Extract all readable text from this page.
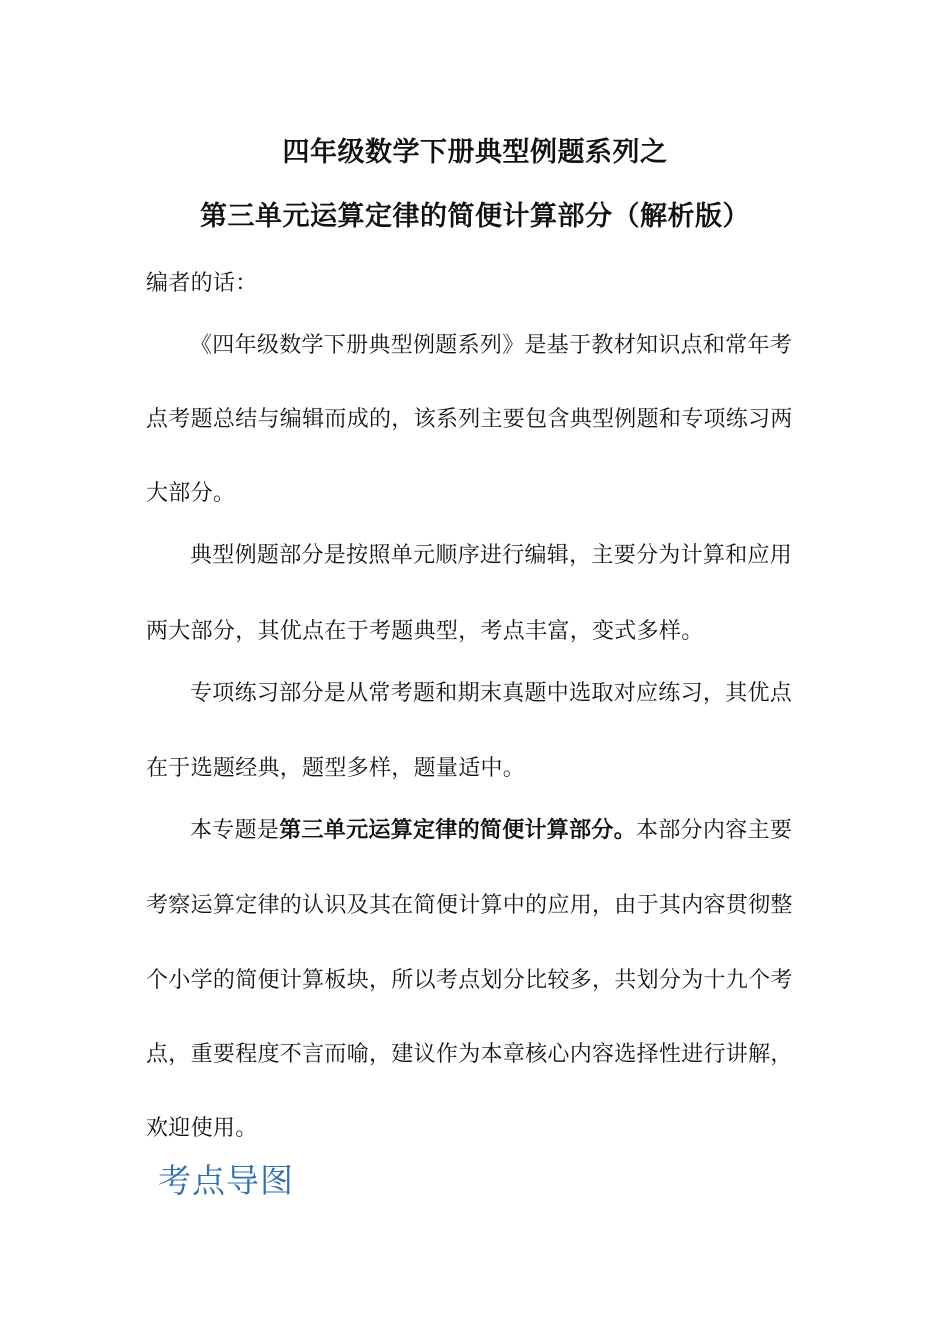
四年级数学下册典型例题系列之
第三单元运算定律的简便计算部分（解析版）
编者的话：
《四年级数学下册典型例题系列》是基于教材知识点和常年考
点考题总结与编辑而成的，该系列主要包含典型例题和专项练习两
大部分。
典型例题部分是按照单元顺序进行编辑，主要分为计算和应用
两大部分，其优点在于考题典型，考点丰富，变式多样。
专项练习部分是从常考题和期末真题中选取对应练习，其优点
在于选题经典，题型多样，题量适中。
本专题是第三单元运算定律的简便计算部分。本部分内容主要
考察运算定律的认识及其在简便计算中的应用，由于其内容贯彻整
个小学的简便计算板块，所以考点划分比较多，共划分为十九个考
点，重要程度不言而喻，建议作为本章核心内容选择性进行讲解，
欢迎使用。
考点导图
